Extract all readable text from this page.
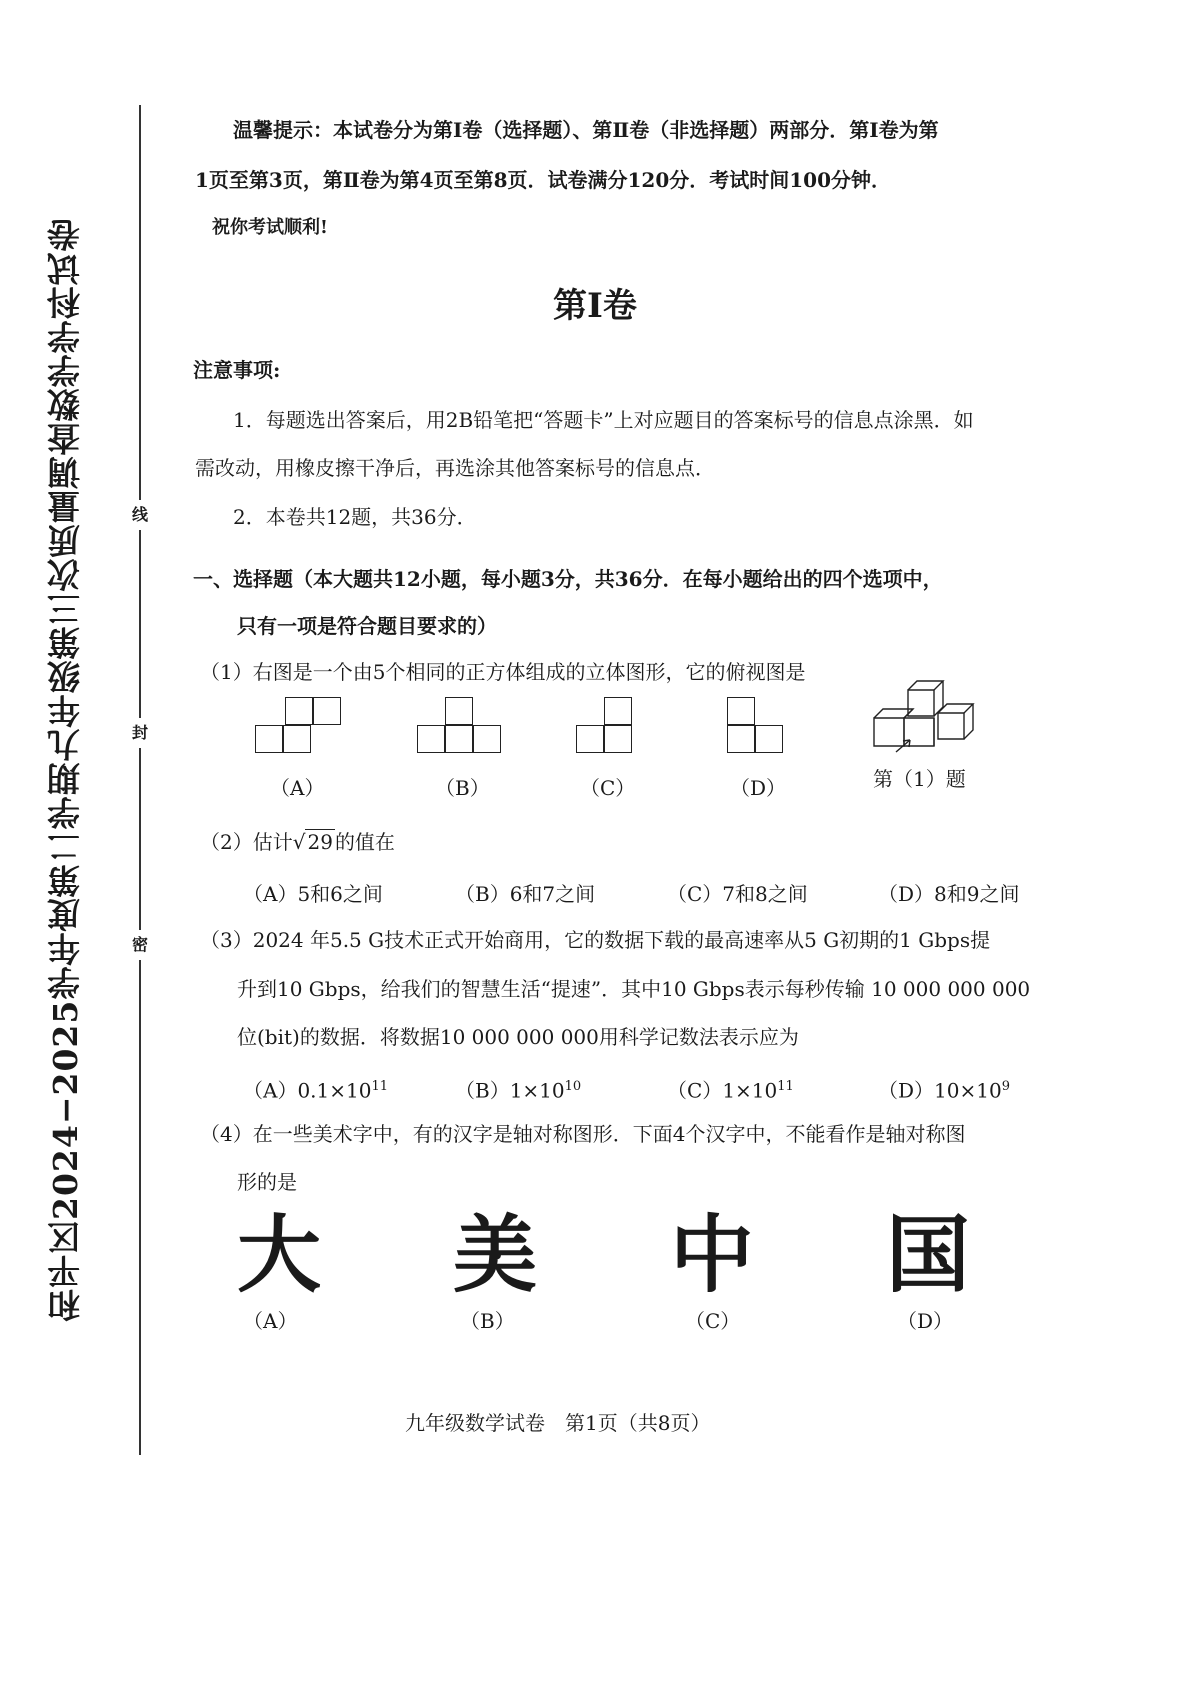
和平区2024−2025学年度第二学期九年级第三次质量调查数学学科试卷	线
封
密
温馨提示：本试卷分为第Ⅰ卷（选择题）、第Ⅱ卷（非选择题）两部分．第Ⅰ卷为第
1页至第3页，第Ⅱ卷为第4页至第8页．试卷满分120分．考试时间100分钟．
祝你考试顺利!
第Ⅰ卷
注意事项:
1．每题选出答案后，用2B铅笔把“答题卡”上对应题目的答案标号的信息点涂黑．如
需改动，用橡皮擦干净后，再选涂其他答案标号的信息点．
2．本卷共12题，共36分．
一、选择题（本大题共12小题，每小题3分，共36分．在每小题给出的四个选项中，
只有一项是符合题目要求的）
（1）右图是一个由5个相同的正方体组成的立体图形，它的俯视图是
（A）	（B）	（C）	（D）	第（1）题
（2）估计√ 29 的值在
（A）5和6之间	（B）6和7之间	（C）7和8之间	（D）8和9之间
（3）2024 年5.5 G技术正式开始商用，它的数据下载的最高速率从5 G初期的1 Gbps提
升到10 Gbps，给我们的智慧生活“提速”．其中10 Gbps表示每秒传输 10 000 000 000
位(bit)的数据．将数据10 000 000 000用科学记数法表示应为
$(A)0.1\times 10^{11}$	$(B)1\times 10^{10}$	$(C)1\times 10^{11}$	$(D)10\times 10^9$
（4）在一些美术字中，有的汉字是轴对称图形．下面4个汉字中，不能看作是轴对称图
形的是
大 美 中 国
（A）	（B）	（C）	（D）
九年级数学试卷　第1页（共8页）
